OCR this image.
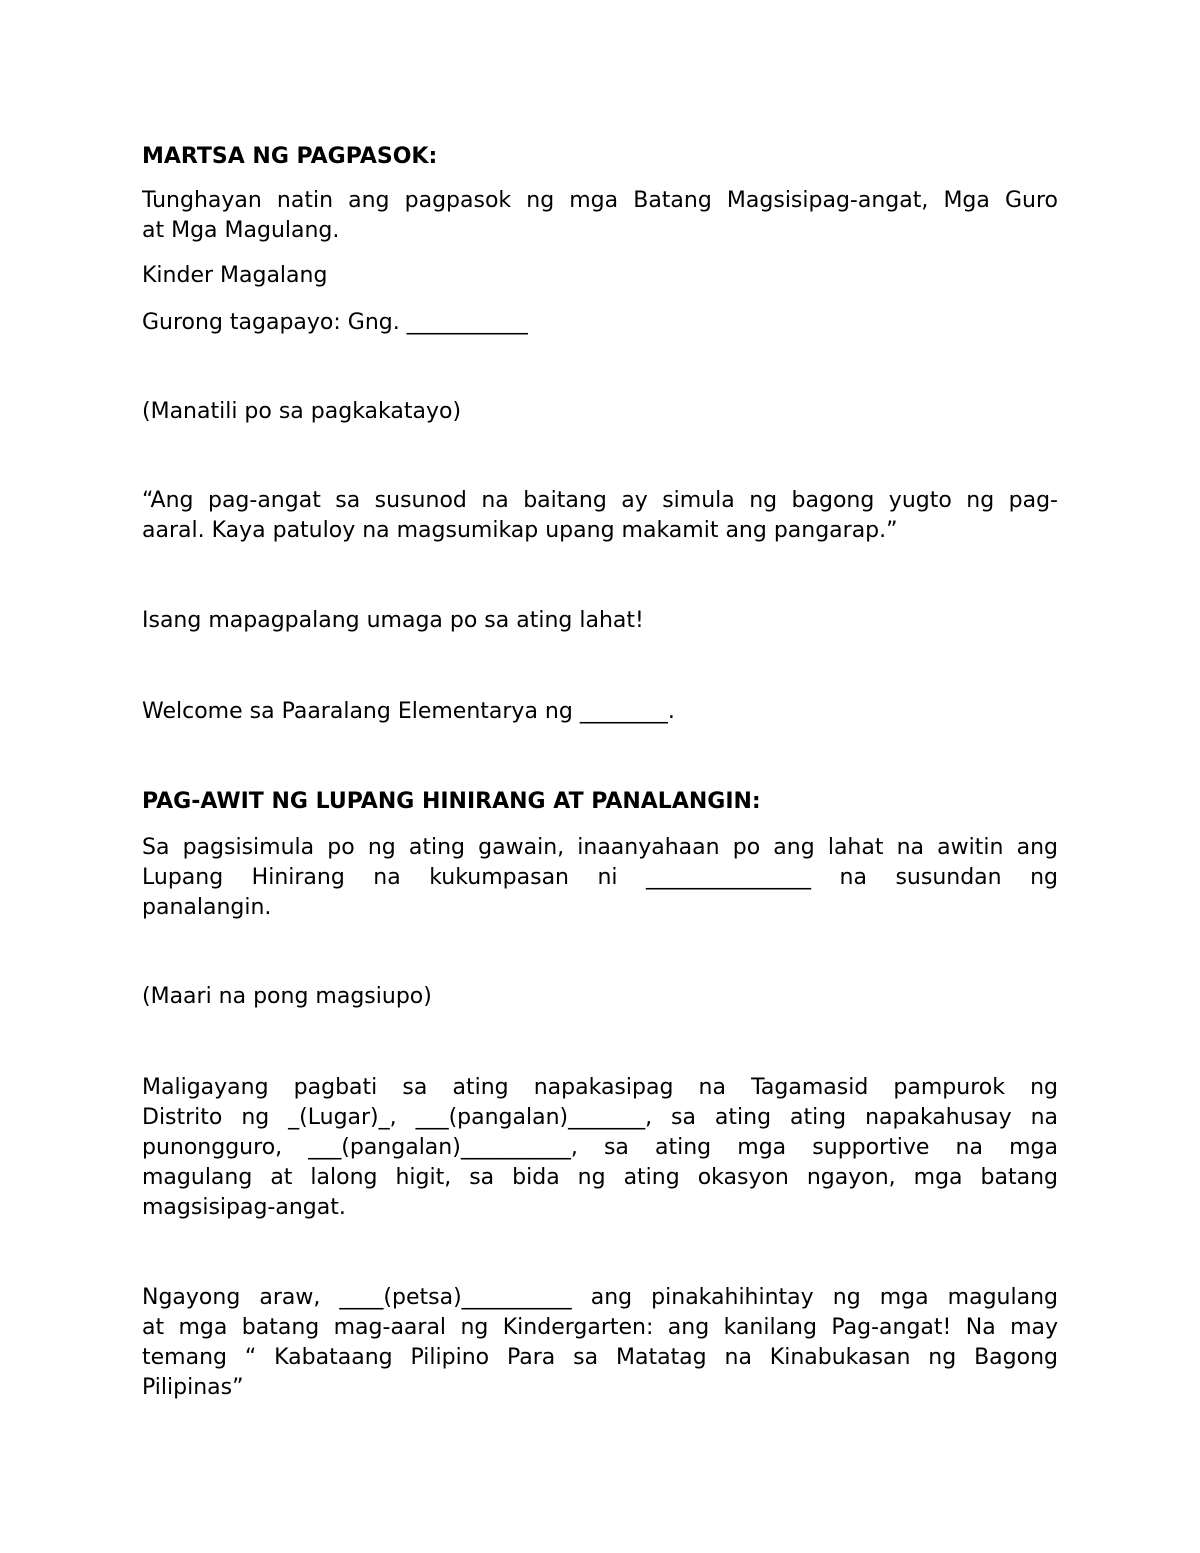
MARTSA NG PAGPASOK:

Tunghayan natin ang pagpasok ng mga Batang Magsisipag-angat, Mga Guro

at Mga Magulang.

Kinder Magalang

Gurong tagapayo: Gng. ___________

(Manatili po sa pagkakatayo)

“Ang pag-angat sa susunod na baitang ay simula ng bagong yugto ng pag-

aaral. Kaya patuloy na magsumikap upang makamit ang pangarap.”

Isang mapagpalang umaga po sa ating lahat!

Welcome sa Paaralang Elementarya ng ________.

PAG-AWIT NG LUPANG HINIRANG AT PANALANGIN:

Sa pagsisimula po ng ating gawain, inaanyahaan po ang lahat na awitin ang

Lupang Hinirang na kukumpasan ni _______________ na susundan ng

panalangin.

(Maari na pong magsiupo)

Maligayang pagbati sa ating napakasipag na Tagamasid pampurok ng

Distrito ng _(Lugar)_, ___(pangalan)_______, sa ating ating napakahusay na

punongguro, ___(pangalan)__________, sa ating mga supportive na mga

magulang at lalong higit, sa bida ng ating okasyon ngayon, mga batang

magsisipag-angat.

Ngayong araw, ____(petsa)__________ ang pinakahihintay ng mga magulang

at mga batang mag-aaral ng Kindergarten: ang kanilang Pag-angat! Na may

temang “ Kabataang Pilipino Para sa Matatag na Kinabukasan ng Bagong

Pilipinas”
